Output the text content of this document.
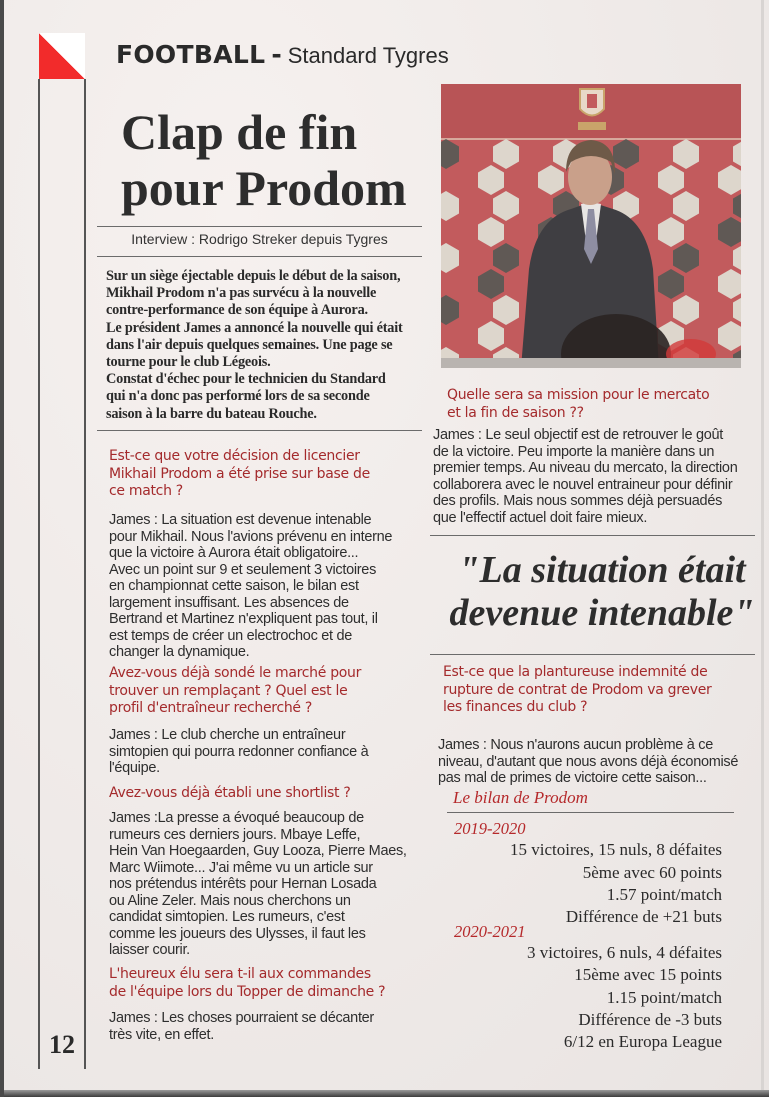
FOOTBALL - Standard Tygres
Clap de fin
pour Prodom
Interview : Rodrigo Streker depuis Tygres
Sur un siège éjectable depuis le début de la saison,
Mikhail Prodom n'a pas survécu à la nouvelle
contre-performance de son équipe à Aurora.
Le président James a annoncé la nouvelle qui était
dans l'air depuis quelques semaines. Une page se
tourne pour le club Légeois.
Constat d'échec pour le technicien du Standard
qui n'a donc pas performé lors de sa seconde
saison à la barre du bateau Rouche.
Est-ce que votre décision de licencier
Mikhail Prodom a été prise sur base de
ce match ?
James : La situation est devenue intenable
pour Mikhail. Nous l'avions prévenu en interne
que la victoire à Aurora était obligatoire...
Avec un point sur 9 et seulement 3 victoires
en championnat cette saison, le bilan est
largement insuffisant. Les absences de
Bertrand et Martinez n'expliquent pas tout, il
est temps de créer un electrochoc et de
changer la dynamique.
Avez-vous déjà sondé le marché pour
trouver un remplaçant ? Quel est le
profil d'entraîneur recherché ?
James : Le club cherche un entraîneur
simtopien qui pourra redonner confiance à
l'équipe.
Avez-vous déjà établi une shortlist ?
James :La presse a évoqué beaucoup de
rumeurs ces derniers jours. Mbaye Leffe,
Hein Van Hoegaarden, Guy Looza, Pierre Maes,
Marc Wiimote... J'ai même vu un article sur
nos prétendus intérêts pour Hernan Losada
ou Aline Zeler. Mais nous cherchons un
candidat simtopien. Les rumeurs, c'est
comme les joueurs des Ulysses, il faut les
laisser courir.
L'heureux élu sera t-il aux commandes
de l'équipe lors du Topper de dimanche ?
James : Les choses pourraient se décanter
très vite, en effet.
12
Quelle sera sa mission pour le mercato
et la fin de saison ??
James : Le seul objectif est de retrouver le goût
de la victoire. Peu importe la manière dans un
premier temps. Au niveau du mercato, la direction
collaborera avec le nouvel entraineur pour définir
des profils. Mais nous sommes déjà persuadés
que l'effectif actuel doit faire mieux.
"La situation était
devenue intenable"
Est-ce que la plantureuse indemnité de
rupture de contrat de Prodom va grever
les finances du club ?
James : Nous n'aurons aucun problème à ce
niveau, d'autant que nous avons déjà économisé
pas mal de primes de victoire cette saison...
Le bilan de Prodom
2019-2020
15 victoires, 15 nuls, 8 défaites
5ème avec 60 points
1.57 point/match
Différence de +21 buts
2020-2021
3 victoires, 6 nuls, 4 défaites
15ème avec 15 points
1.15 point/match
Différence de -3 buts
6/12 en Europa League
